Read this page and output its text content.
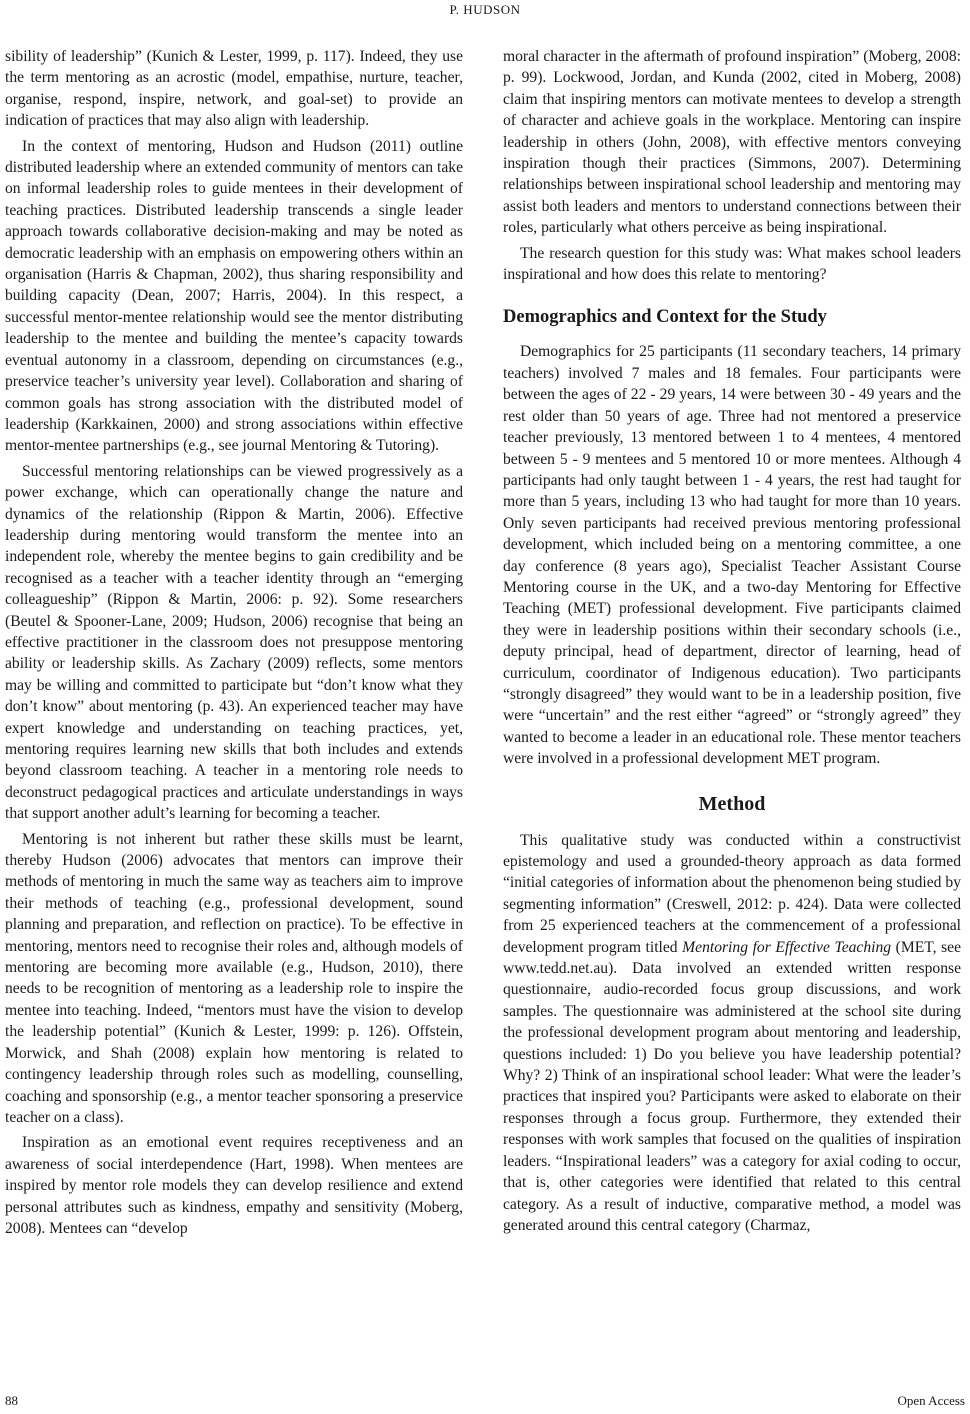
P. HUDSON

sibility of leadership” (Kunich & Lester, 1999, p. 117). Indeed, they use the term mentoring as an acrostic (model, empathise, nurture, teacher, organise, respond, inspire, network, and goal-set) to provide an indication of practices that may also align with leadership.

In the context of mentoring, Hudson and Hudson (2011) outline distributed leadership where an extended community of mentors can take on informal leadership roles to guide mentees in their development of teaching practices. Distributed leadership transcends a single leader approach towards collaborative decision-making and may be noted as democratic leadership with an emphasis on empowering others within an organisation (Harris & Chapman, 2002), thus sharing responsibility and building capacity (Dean, 2007; Harris, 2004). In this respect, a successful mentor-mentee relationship would see the mentor distributing leadership to the mentee and building the mentee’s capacity towards eventual autonomy in a classroom, depending on circumstances (e.g., preservice teacher’s university year level). Collaboration and sharing of common goals has strong association with the distributed model of leadership (Karkkainen, 2000) and strong associations within effective mentor-mentee partnerships (e.g., see journal Mentoring & Tutoring).

Successful mentoring relationships can be viewed progressively as a power exchange, which can operationally change the nature and dynamics of the relationship (Rippon & Martin, 2006). Effective leadership during mentoring would transform the mentee into an independent role, whereby the mentee begins to gain credibility and be recognised as a teacher with a teacher identity through an “emerging colleagueship” (Rippon & Martin, 2006: p. 92). Some researchers (Beutel & Spooner-Lane, 2009; Hudson, 2006) recognise that being an effective practitioner in the classroom does not presuppose mentoring ability or leadership skills. As Zachary (2009) reflects, some mentors may be willing and committed to participate but “don’t know what they don’t know” about mentoring (p. 43). An experienced teacher may have expert knowledge and understanding on teaching practices, yet, mentoring requires learning new skills that both includes and extends beyond classroom teaching. A teacher in a mentoring role needs to deconstruct pedagogical practices and articulate understandings in ways that support another adult’s learning for becoming a teacher.

Mentoring is not inherent but rather these skills must be learnt, thereby Hudson (2006) advocates that mentors can improve their methods of mentoring in much the same way as teachers aim to improve their methods of teaching (e.g., professional development, sound planning and preparation, and reflection on practice). To be effective in mentoring, mentors need to recognise their roles and, although models of mentoring are becoming more available (e.g., Hudson, 2010), there needs to be recognition of mentoring as a leadership role to inspire the mentee into teaching. Indeed, “mentors must have the vision to develop the leadership potential” (Kunich & Lester, 1999: p. 126). Offstein, Morwick, and Shah (2008) explain how mentoring is related to contingency leadership through roles such as modelling, counselling, coaching and sponsorship (e.g., a mentor teacher sponsoring a preservice teacher on a class).

Inspiration as an emotional event requires receptiveness and an awareness of social interdependence (Hart, 1998). When mentees are inspired by mentor role models they can develop resilience and extend personal attributes such as kindness, empathy and sensitivity (Moberg, 2008). Mentees can “develop

moral character in the aftermath of profound inspiration” (Moberg, 2008: p. 99). Lockwood, Jordan, and Kunda (2002, cited in Moberg, 2008) claim that inspiring mentors can motivate mentees to develop a strength of character and achieve goals in the workplace. Mentoring can inspire leadership in others (John, 2008), with effective mentors conveying inspiration though their practices (Simmons, 2007). Determining relationships between inspirational school leadership and mentoring may assist both leaders and mentors to understand connections between their roles, particularly what others perceive as being inspirational.

The research question for this study was: What makes school leaders inspirational and how does this relate to mentoring?

Demographics and Context for the Study

Demographics for 25 participants (11 secondary teachers, 14 primary teachers) involved 7 males and 18 females. Four participants were between the ages of 22 - 29 years, 14 were between 30 - 49 years and the rest older than 50 years of age. Three had not mentored a preservice teacher previously, 13 mentored between 1 to 4 mentees, 4 mentored between 5 - 9 mentees and 5 mentored 10 or more mentees. Although 4 participants had only taught between 1 - 4 years, the rest had taught for more than 5 years, including 13 who had taught for more than 10 years. Only seven participants had received previous mentoring professional development, which included being on a mentoring committee, a one day conference (8 years ago), Specialist Teacher Assistant Course Mentoring course in the UK, and a two-day Mentoring for Effective Teaching (MET) professional development. Five participants claimed they were in leadership positions within their secondary schools (i.e., deputy principal, head of department, director of learning, head of curriculum, coordinator of Indigenous education). Two participants “strongly disagreed” they would want to be in a leadership position, five were “uncertain” and the rest either “agreed” or “strongly agreed” they wanted to become a leader in an educational role. These mentor teachers were involved in a professional development MET program.

Method

This qualitative study was conducted within a constructivist epistemology and used a grounded-theory approach as data formed “initial categories of information about the phenomenon being studied by segmenting information” (Creswell, 2012: p. 424). Data were collected from 25 experienced teachers at the commencement of a professional development program titled Mentoring for Effective Teaching (MET, see www.tedd.net.au). Data involved an extended written response questionnaire, audio-recorded focus group discussions, and work samples. The questionnaire was administered at the school site during the professional development program about mentoring and leadership, questions included: 1) Do you believe you have leadership potential? Why? 2) Think of an inspirational school leader: What were the leader’s practices that inspired you? Participants were asked to elaborate on their responses through a focus group. Furthermore, they extended their responses with work samples that focused on the qualities of inspiration leaders. “Inspirational leaders” was a category for axial coding to occur, that is, other categories were identified that related to this central category. As a result of inductive, comparative method, a model was generated around this central category (Charmaz,

88	Open Access
